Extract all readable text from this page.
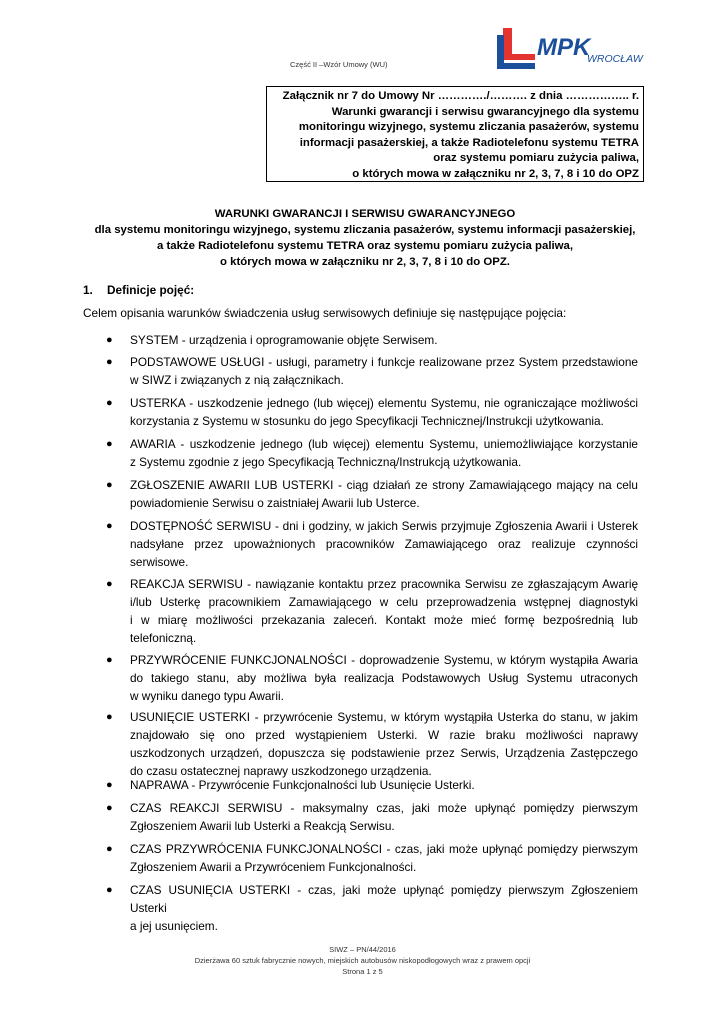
Część II –Wzór Umowy (WU)
MPK
WROCŁAW
Załącznik nr 7 do Umowy Nr …………./………. z dnia …………….. r.
Warunki gwarancji i serwisu gwarancyjnego dla systemu
monitoringu wizyjnego, systemu zliczania pasażerów, systemu
informacji pasażerskiej, a także Radiotelefonu systemu TETRA
oraz systemu pomiaru zużycia paliwa,
o których mowa w załączniku nr 2, 3, 7, 8 i 10 do OPZ
WARUNKI GWARANCJI I SERWISU GWARANCYJNEGO
dla systemu monitoringu wizyjnego, systemu zliczania pasażerów, systemu informacji pasażerskiej,
a także Radiotelefonu systemu TETRA oraz systemu pomiaru zużycia paliwa,
o których mowa w załączniku nr 2, 3, 7, 8 i 10 do OPZ.
1. Definicje pojęć:
Celem opisania warunków świadczenia usług serwisowych definiuje się następujące pojęcia:
● SYSTEM - urządzenia i oprogramowanie objęte Serwisem.
● PODSTAWOWE USŁUGI - usługi, parametry i funkcje realizowane przez System przedstawione
w SIWZ i związanych z nią załącznikach.
● USTERKA - uszkodzenie jednego (lub więcej) elementu Systemu, nie ograniczające możliwości
korzystania z Systemu w stosunku do jego Specyfikacji Technicznej/Instrukcji użytkowania.
● AWARIA - uszkodzenie jednego (lub więcej) elementu Systemu, uniemożliwiające korzystanie
z Systemu zgodnie z jego Specyfikacją Techniczną/Instrukcją użytkowania.
● ZGŁOSZENIE AWARII LUB USTERKI - ciąg działań ze strony Zamawiającego mający na celu
powiadomienie Serwisu o zaistniałej Awarii lub Usterce.
● DOSTĘPNOŚĆ SERWISU - dni i godziny, w jakich Serwis przyjmuje Zgłoszenia Awarii i Usterek
nadsyłane przez upoważnionych pracowników Zamawiającego oraz realizuje czynności
serwisowe.
● REAKCJA SERWISU - nawiązanie kontaktu przez pracownika Serwisu ze zgłaszającym Awarię
i/lub Usterkę pracownikiem Zamawiającego w celu przeprowadzenia wstępnej diagnostyki
i w miarę możliwości przekazania zaleceń. Kontakt może mieć formę bezpośrednią lub
telefoniczną.
● PRZYWRÓCENIE FUNKCJONALNOŚCI - doprowadzenie Systemu, w którym wystąpiła Awaria
do takiego stanu, aby możliwa była realizacja Podstawowych Usług Systemu utraconych
w wyniku danego typu Awarii.
● USUNIĘCIE USTERKI - przywrócenie Systemu, w którym wystąpiła Usterka do stanu, w jakim
znajdowało się ono przed wystąpieniem Usterki. W razie braku możliwości naprawy
uszkodzonych urządzeń, dopuszcza się podstawienie przez Serwis, Urządzenia Zastępczego
do czasu ostatecznej naprawy uszkodzonego urządzenia.
● NAPRAWA - Przywrócenie Funkcjonalności lub Usunięcie Usterki.
● CZAS REAKCJI SERWISU - maksymalny czas, jaki może upłynąć pomiędzy pierwszym
Zgłoszeniem Awarii lub Usterki a Reakcją Serwisu.
● CZAS PRZYWRÓCENIA FUNKCJONALNOŚCI - czas, jaki może upłynąć pomiędzy pierwszym
Zgłoszeniem Awarii a Przywróceniem Funkcjonalności.
● CZAS USUNIĘCIA USTERKI - czas, jaki może upłynąć pomiędzy pierwszym Zgłoszeniem Usterki
a jej usunięciem.
SIWZ – PN/44/2016
Dzierżawa 60 sztuk fabrycznie nowych, miejskich autobusów niskopodłogowych wraz z prawem opcji
Strona 1 z 5
